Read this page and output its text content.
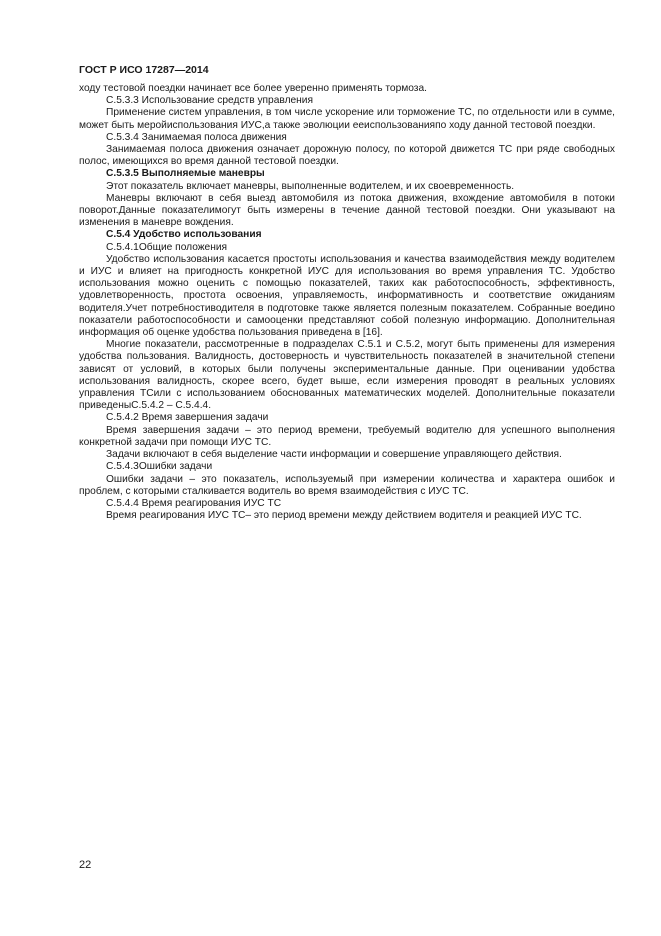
ГОСТ Р ИСО 17287—2014

ходу тестовой поездки начинает все более уверенно применять тормоза.

С.5.3.3 Использование средств управления

Применение систем управления, в том числе ускорение или торможение ТС, по отдельности или в сумме, может быть меройиспользования ИУС,а также эволюции ееиспользованияпо ходу данной тестовой поездки.

С.5.3.4 Занимаемая полоса движения

Занимаемая полоса движения означает дорожную полосу, по которой движется ТС при ряде свободных полос, имеющихся во время данной тестовой поездки.

С.5.3.5 Выполняемые маневры

Этот показатель включает маневры, выполненные водителем, и их своевременность.

Маневры включают в себя выезд автомобиля из потока движения, вхождение автомобиля в потоки поворот.Данные показателимогут быть измерены в течение данной тестовой поездки. Они указывают на изменения в маневре вождения.

С.5.4 Удобство использования

С.5.4.1Общие положения

Удобство использования касается простоты использования и качества взаимодействия между водителем и ИУС и влияет на пригодность конкретной ИУС для использования во время управления ТС. Удобство использования можно оценить с помощью показателей, таких как работоспособность, эффективность, удовлетворенность, простота освоения, управляемость, информативность и соответствие ожиданиям водителя.Учет потребностиводителя в подготовке также является полезным показателем. Собранные воедино показатели работоспособности и самооценки представляют собой полезную информацию. Дополнительная информация об оценке удобства пользования приведена в [16].

Многие показатели, рассмотренные в подразделах С.5.1 и С.5.2, могут быть применены для измерения удобства пользования. Валидность, достоверность и чувствительность показателей в значительной степени зависят от условий, в которых были получены экспериментальные данные. При оценивании удобства использования валидность, скорее всего, будет выше, если измерения проводят в реальных условиях управления ТСили с использованием обоснованных математических моделей. Дополнительные показатели приведеныС.5.4.2 – С.5.4.4.

С.5.4.2 Время завершения задачи

Время завершения задачи – это период времени, требуемый водителю для успешного выполнения конкретной задачи при помощи ИУС ТС.

Задачи включают в себя выделение части информации и совершение управляющего действия.

С.5.4.3Ошибки задачи

Ошибки задачи – это показатель, используемый при измерении количества и характера ошибок и проблем, с которыми сталкивается водитель во время взаимодействия с ИУС ТС.

С.5.4.4 Время реагирования ИУС ТС

Время реагирования ИУС ТС– это период времени между действием водителя и реакцией ИУС ТС.

22
